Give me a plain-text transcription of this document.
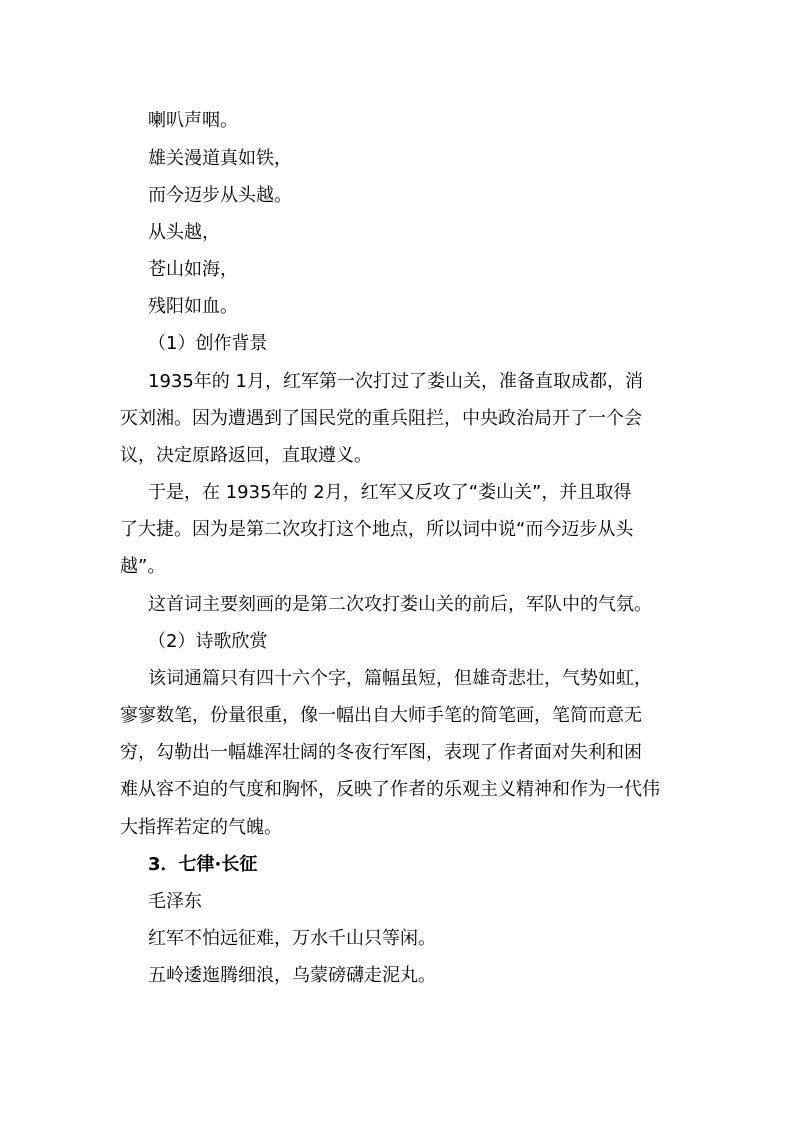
喇叭声咽。
雄关漫道真如铁，
而今迈步从头越。
从头越，
苍山如海，
残阳如血。
（1）创作背景
1935年的 1月，红军第一次打过了娄山关，准备直取成都，消
灭刘湘。因为遭遇到了国民党的重兵阻拦，中央政治局开了一个会
议，决定原路返回，直取遵义。
于是，在 1935年的 2月，红军又反攻了“娄山关”，并且取得
了大捷。因为是第二次攻打这个地点，所以词中说“而今迈步从头
越”。
这首词主要刻画的是第二次攻打娄山关的前后，军队中的气氛。
（2）诗歌欣赏
该词通篇只有四十六个字，篇幅虽短，但雄奇悲壮，气势如虹，
寥寥数笔，份量很重，像一幅出自大师手笔的简笔画，笔简而意无
穷，勾勒出一幅雄浑壮阔的冬夜行军图，表现了作者面对失利和困
难从容不迫的气度和胸怀，反映了作者的乐观主义精神和作为一代伟
大指挥若定的气魄。
3．七律·长征
毛泽东
红军不怕远征难，万水千山只等闲。
五岭逶迤腾细浪，乌蒙磅礴走泥丸。
